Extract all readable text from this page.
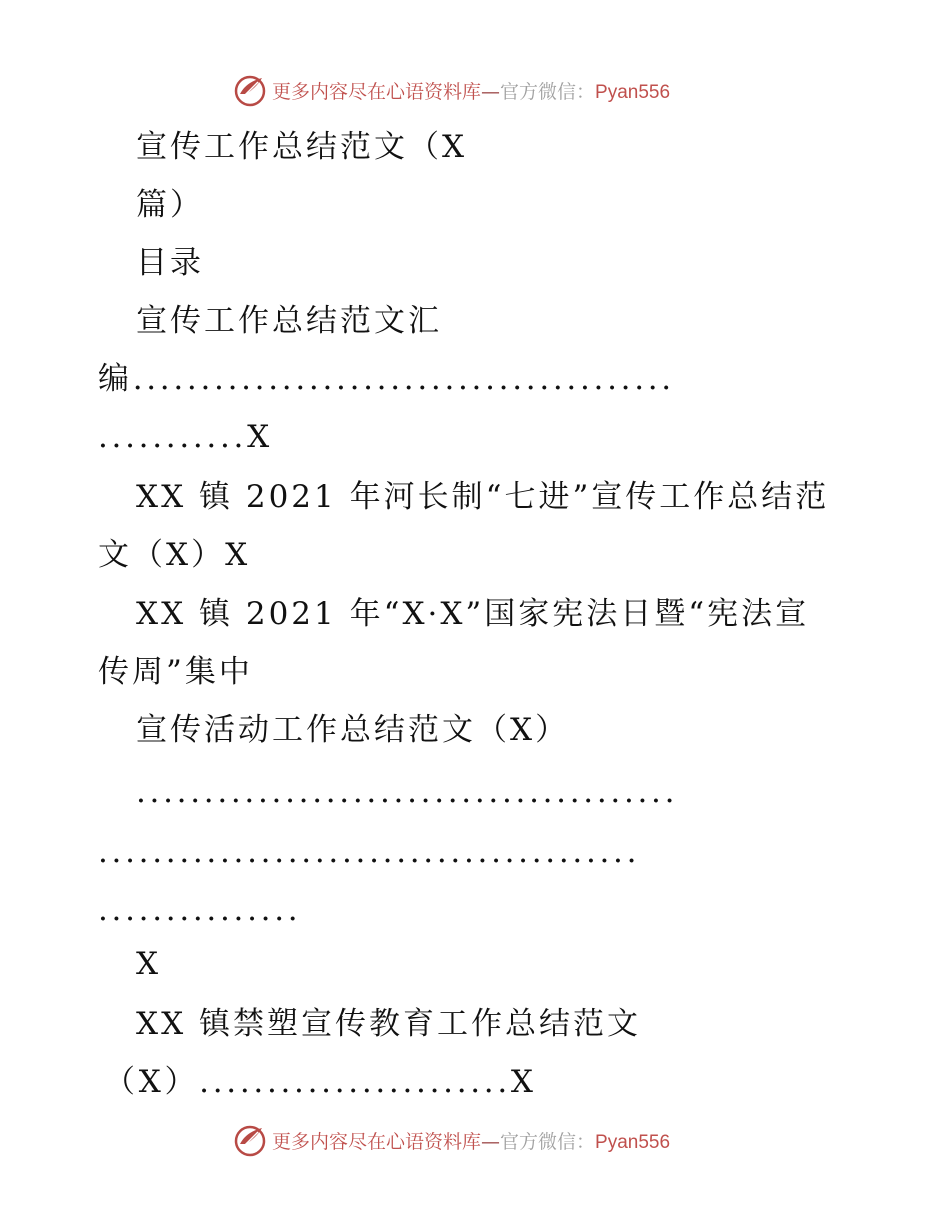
更多内容尽在心语资料库—官方微信：Pyan556
宣传工作总结范文（X
篇）
目录
宣传工作总结范文汇
编........................................
...........X
XX 镇 2021 年河长制“七进”宣传工作总结范
文（X）X
XX 镇 2021 年“X·X”国家宪法日暨“宪法宣
传周”集中
宣传活动工作总结范文（X）
........................................
........................................
...............
X
XX 镇禁塑宣传教育工作总结范文
（X）.......................X
更多内容尽在心语资料库—官方微信：Pyan556
